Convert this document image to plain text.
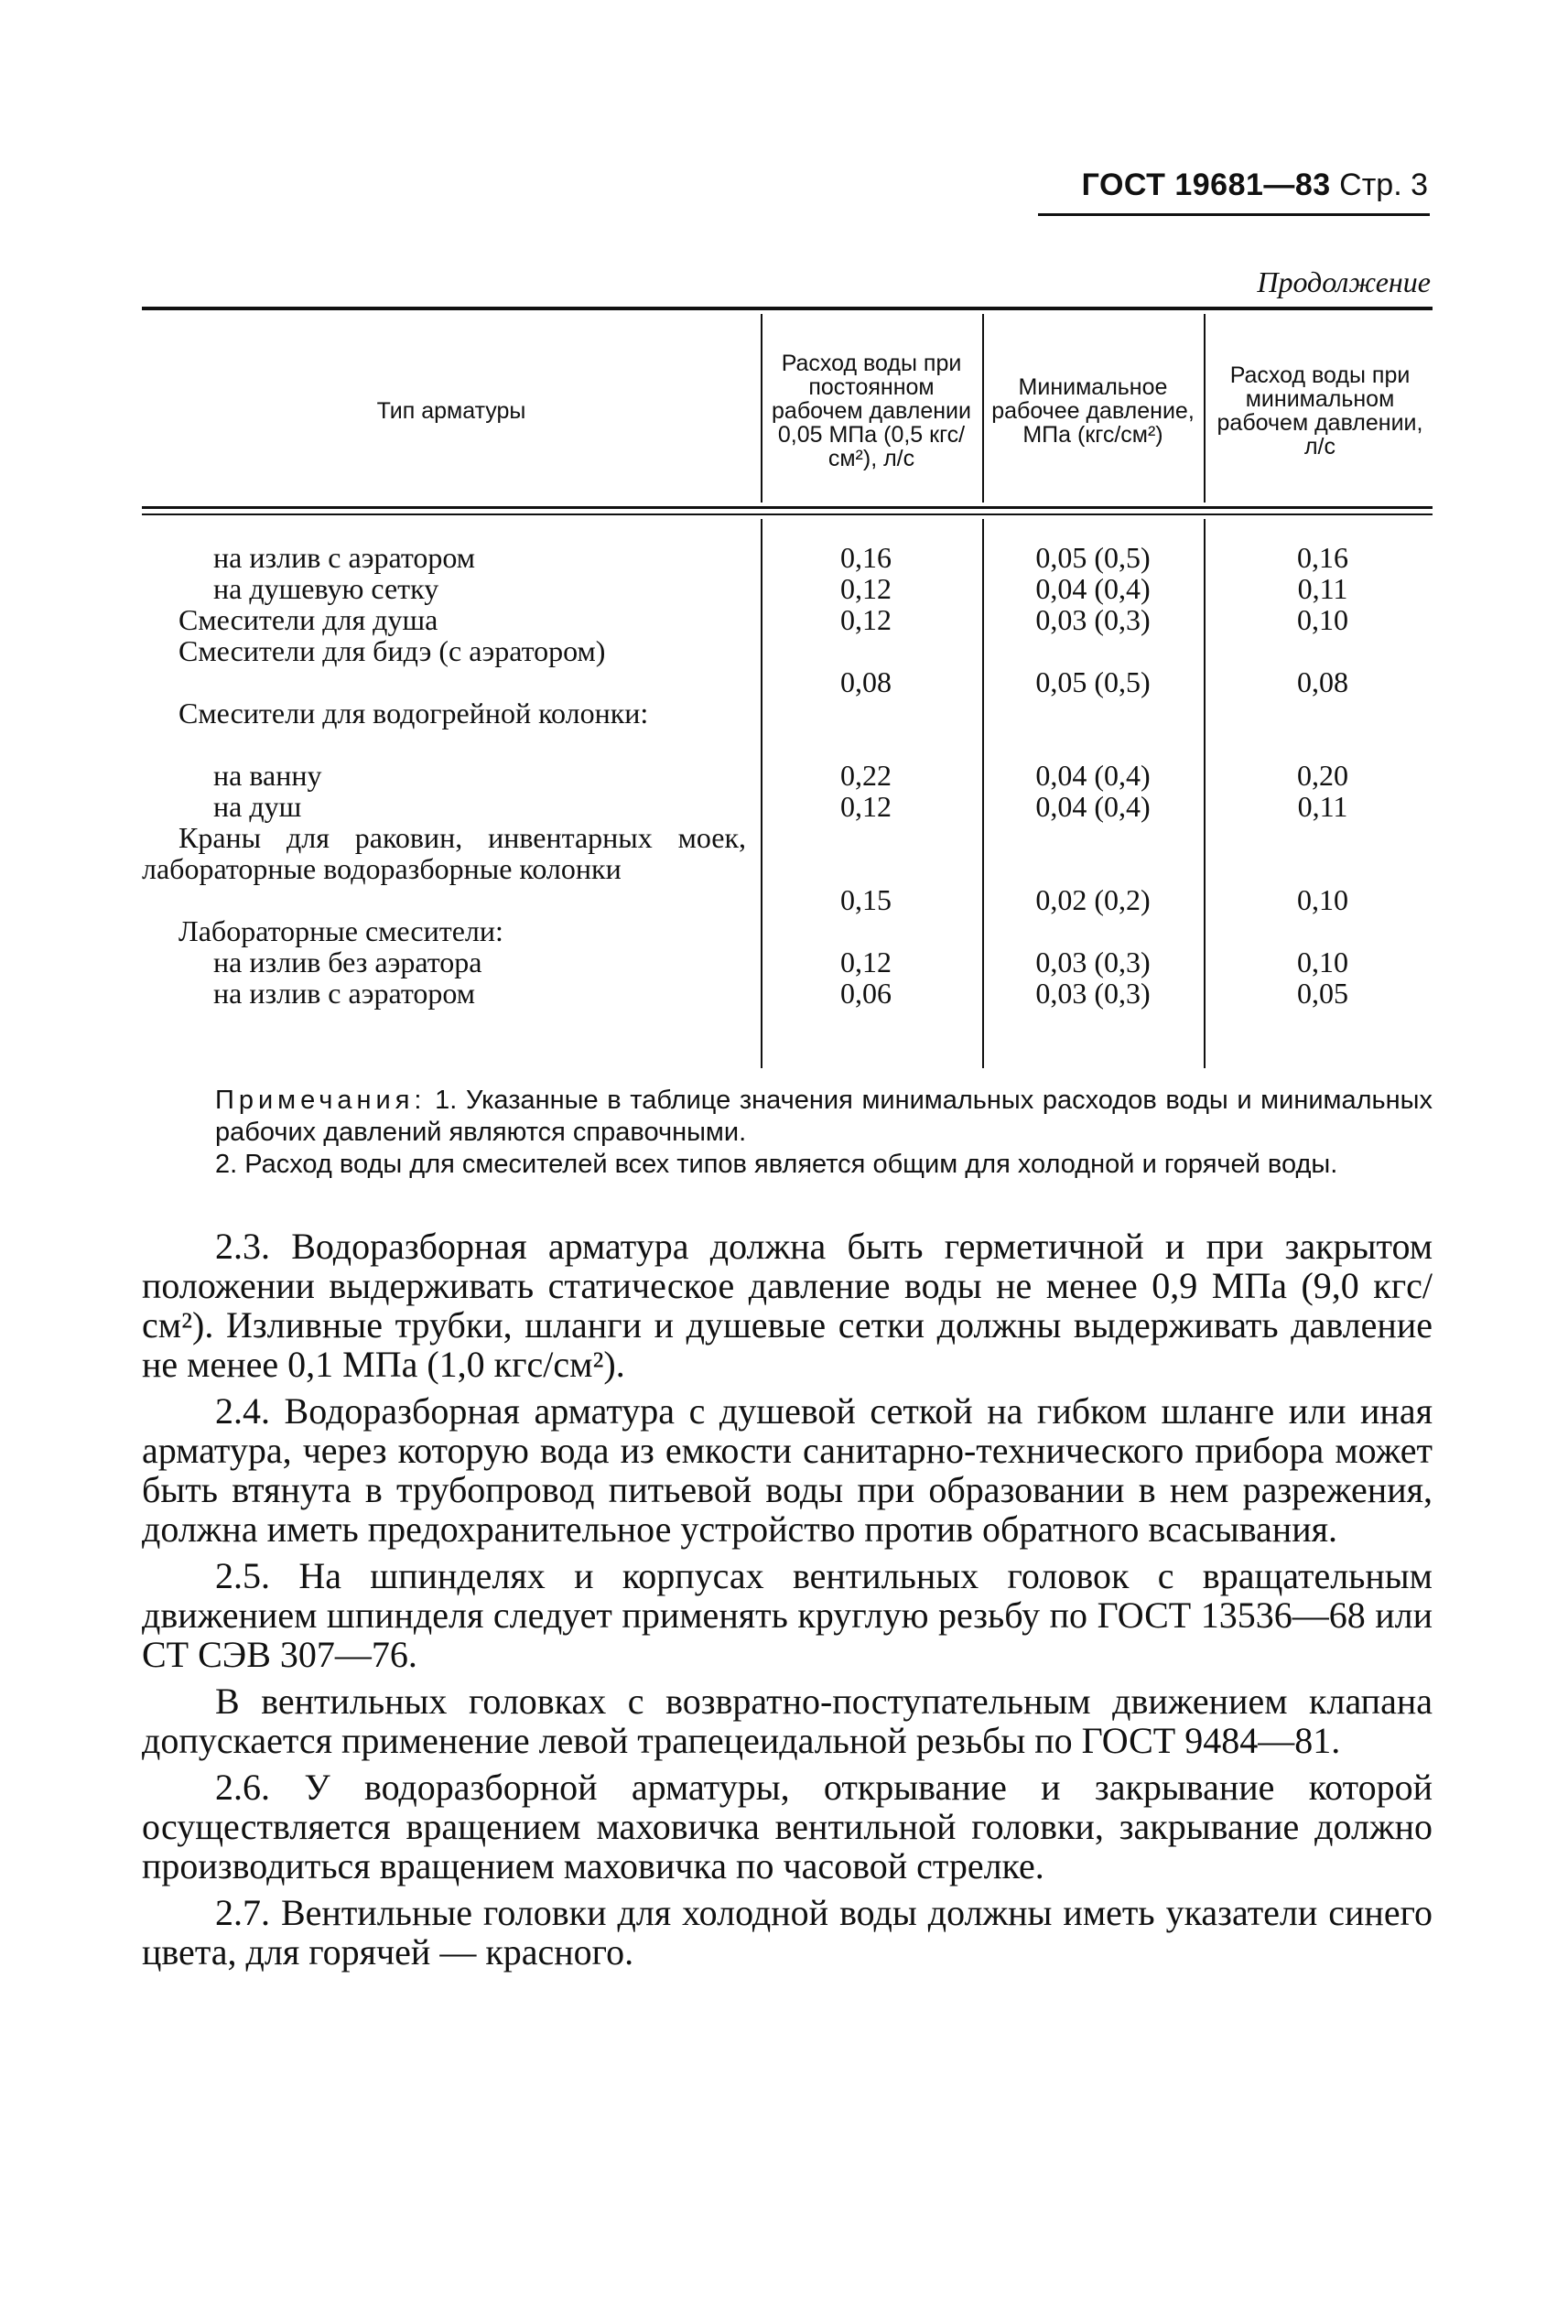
ГОСТ 19681—83 Стр. 3
Продолжение
Тип арматуры
Расход воды при постоянном рабочем давлении 0,05 МПа (0,5 кгс/см²), л/с
Минимальное рабочее давление, МПа (кгс/см²)
Расход воды при минимальном рабочем давлении, л/с
на излив с аэратором	0,16	0,05 (0,5)	0,16
на душевую сетку	0,12	0,04 (0,4)	0,11
Смесители для душа	0,12	0,03 (0,3)	0,10
Смесители для бидэ (с аэратором)
0,08	0,05 (0,5)	0,08
Смесители для водогрейной колонки:
на ванну	0,22	0,04 (0,4)	0,20
на душ	0,12	0,04 (0,4)	0,11
Краны для раковин, инвентарных моек, лабораторные водоразборные колонки
0,15	0,02 (0,2)	0,10
Лабораторные смесители:
на излив без аэратора	0,12	0,03 (0,3)	0,10
на излив с аэратором	0,06	0,03 (0,3)	0,05

Примечания: 1. Указанные в таблице значения минимальных расходов воды и минимальных рабочих давлений являются справочными.

2. Расход воды для смесителей всех типов является общим для холодной и горячей воды.

2.3. Водоразборная арматура должна быть герметичной и при закрытом положении выдерживать статическое давление воды не менее 0,9 МПа (9,0 кгс/см²). Изливные трубки, шланги и душевые сетки должны выдерживать давление не менее 0,1 МПа (1,0 кгс/см²).

2.4. Водоразборная арматура с душевой сеткой на гибком шланге или иная арматура, через которую вода из емкости санитарно-технического прибора может быть втянута в трубопровод питьевой воды при образовании в нем разрежения, должна иметь предохранительное устройство против обратного всасывания.

2.5. На шпинделях и корпусах вентильных головок с вращательным движением шпинделя следует применять круглую резьбу по ГОСТ 13536—68 или СТ СЭВ 307—76.

В вентильных головках с возвратно-поступательным движением клапана допускается применение левой трапецеидальной резьбы по ГОСТ 9484—81.

2.6. У водоразборной арматуры, открывание и закрывание которой осуществляется вращением маховичка вентильной головки, закрывание должно производиться вращением маховичка по часовой стрелке.

2.7. Вентильные головки для холодной воды должны иметь указатели синего цвета, для горячей — красного.
